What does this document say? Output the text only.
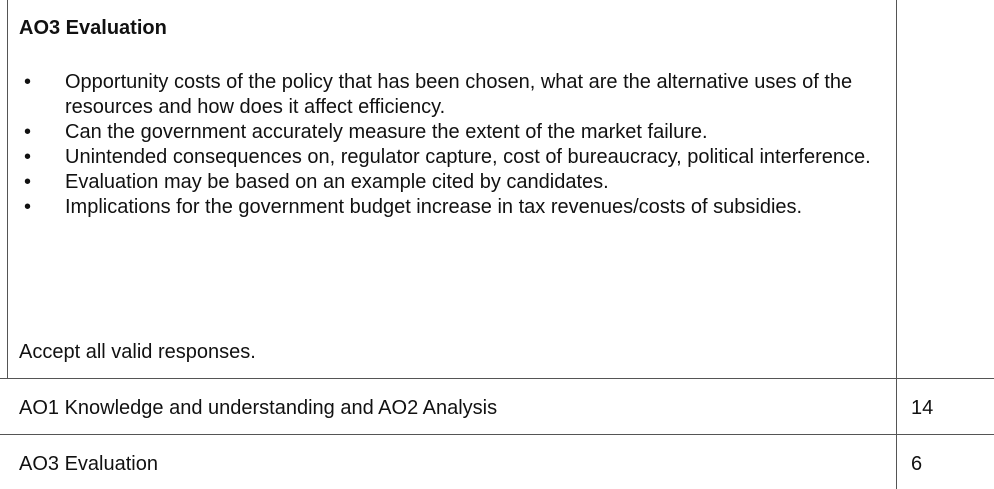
AO3 Evaluation

• Opportunity costs of the policy that has been chosen, what are the alternative uses of the resources and how does it affect efficiency.
• Can the government accurately measure the extent of the market failure.
• Unintended consequences on, regulator capture, cost of bureaucracy, political interference.
• Evaluation may be based on an example cited by candidates.
• Implications for the government budget increase in tax revenues/costs of subsidies.

Accept all valid responses.

AO1 Knowledge and understanding and AO2 Analysis	14
AO3 Evaluation	6
